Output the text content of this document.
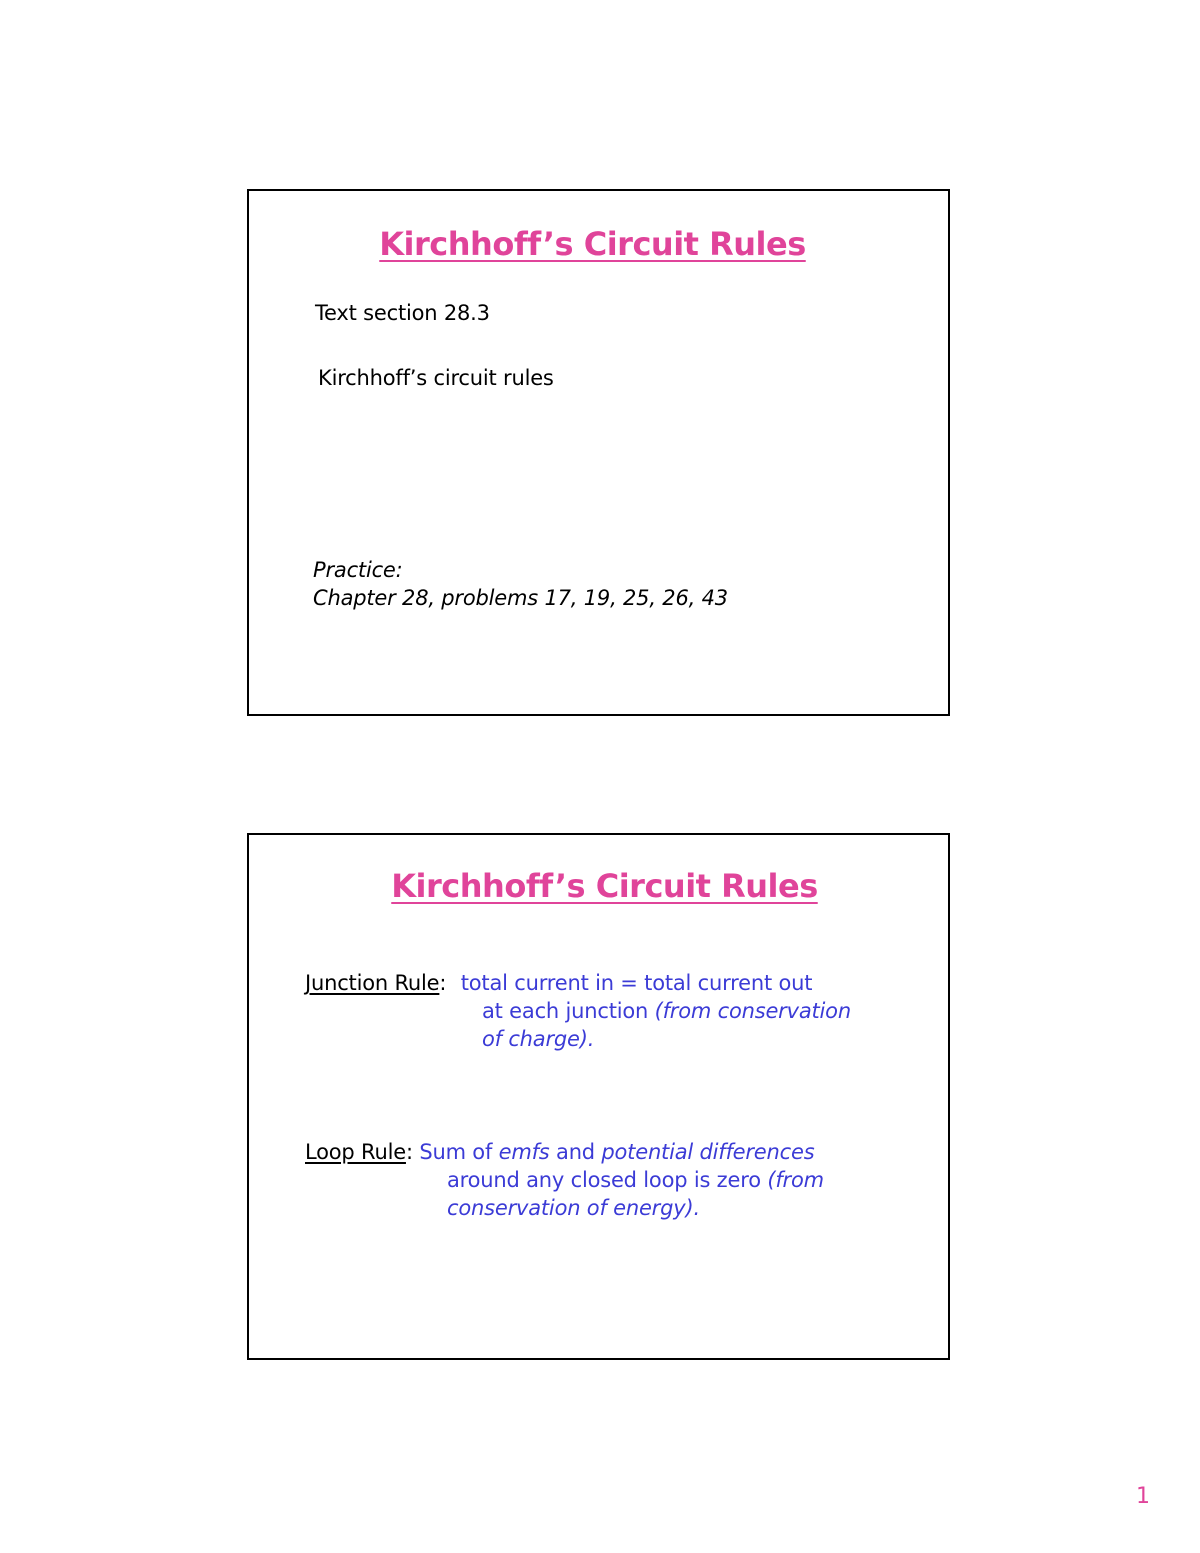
Kirchhoff’s Circuit Rules
Text section 28.3
Kirchhoff’s circuit rules
Practice:
Chapter 28, problems 17, 19, 25, 26, 43
Kirchhoff’s Circuit Rules
Junction Rule: total current in = total current out
at each junction (from conservation
of charge).
Loop Rule: Sum of emfs and potential differences
around any closed loop is zero (from
conservation of energy).
1
